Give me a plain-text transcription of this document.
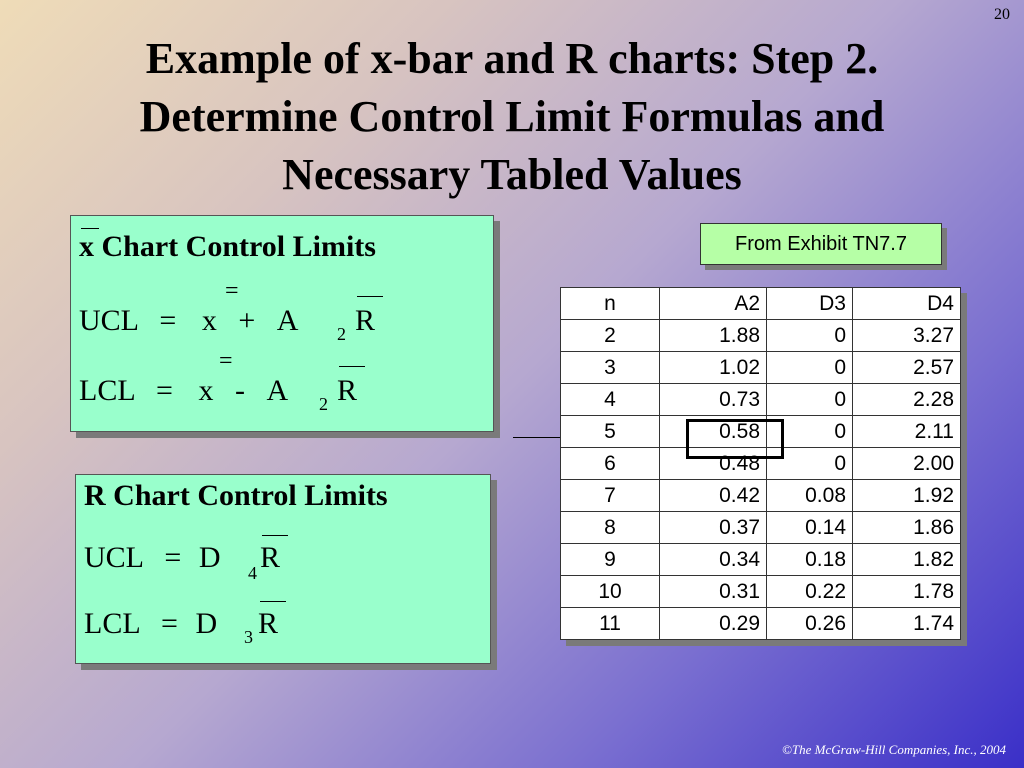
20
Example of x-bar and R charts: Step 2.
Determine Control Limit Formulas and
Necessary Tabled Values
x Chart Control Limits
=
UCL = x + A 2 R
=
LCL = x - A 2 R
R Chart Control Limits
UCL = D 4 R
LCL = D 3 R
From Exhibit TN7.7
n	A2	D3	D4
2	1.88	0	3.27
3	1.02	0	2.57
4	0.73	0	2.28
5	0.58	0	2.11
6	0.48	0	2.00
7	0.42	0.08	1.92
8	0.37	0.14	1.86
9	0.34	0.18	1.82
10	0.31	0.22	1.78
11	0.29	0.26	1.74
©The McGraw-Hill Companies, Inc., 2004
